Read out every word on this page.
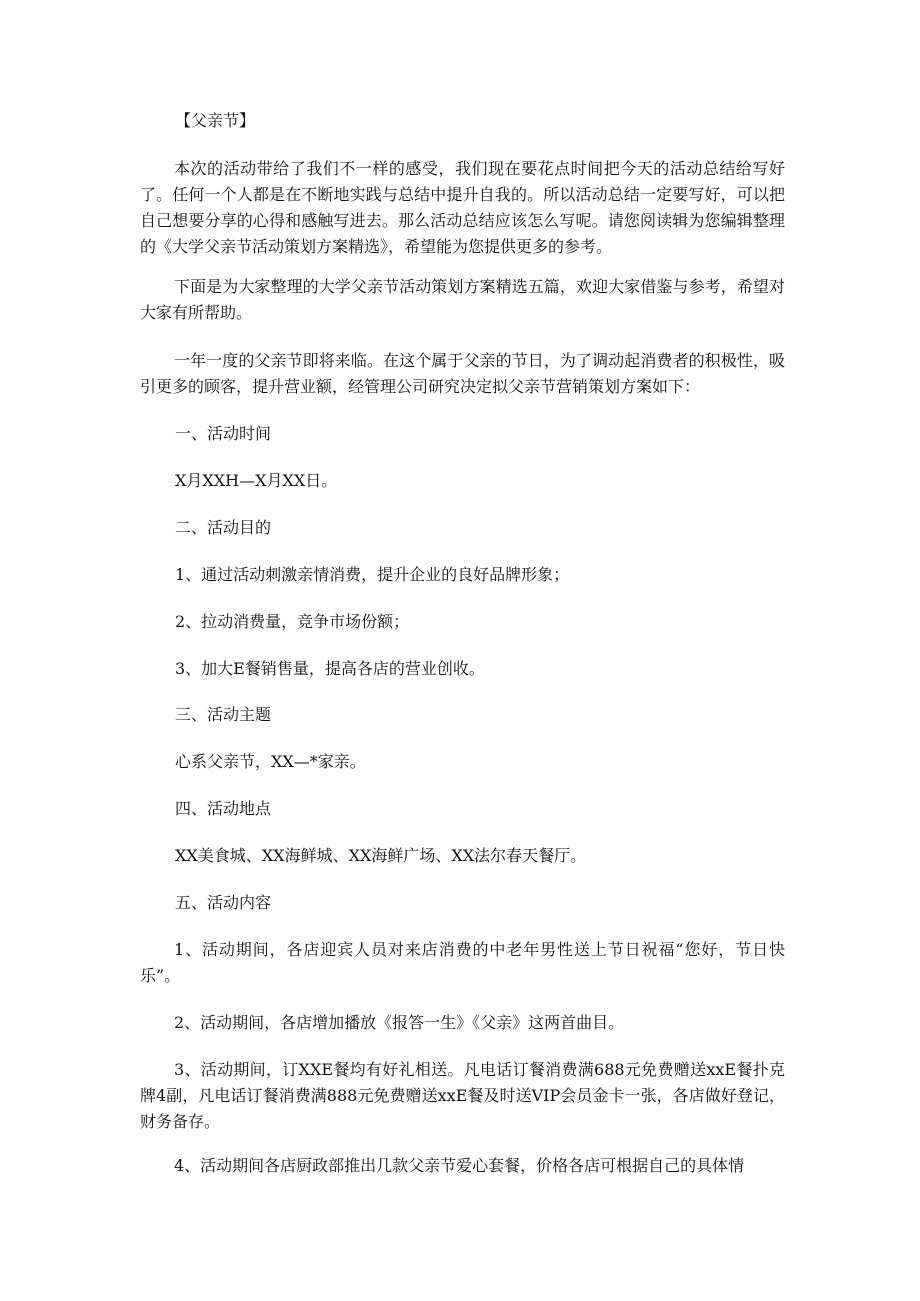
【父亲节】

本次的活动带给了我们不一样的感受，我们现在要花点时间把今天的活动总结给写好了。任何一个人都是在不断地实践与总结中提升自我的。所以活动总结一定要写好，可以把自己想要分享的心得和感触写进去。那么活动总结应该怎么写呢。请您阅读辑为您编辑整理的《大学父亲节活动策划方案精选》，希望能为您提供更多的参考。

下面是为大家整理的大学父亲节活动策划方案精选五篇，欢迎大家借鉴与参考，希望对大家有所帮助。

一年一度的父亲节即将来临。在这个属于父亲的节日，为了调动起消费者的积极性，吸引更多的顾客，提升营业额，经管理公司研究决定拟父亲节营销策划方案如下：

一、活动时间

X月XXH—X月XX日。

二、活动目的

1、通过活动刺激亲情消费，提升企业的良好品牌形象；

2、拉动消费量，竞争市场份额；

3、加大E餐销售量，提高各店的营业创收。

三、活动主题

心系父亲节，XX—*家亲。

四、活动地点

XX美食城、XX海鲜城、XX海鲜广场、XX法尔春天餐厅。

五、活动内容

1、活动期间，各店迎宾人员对来店消费的中老年男性送上节日祝福“您好，节日快乐”。

2、活动期间，各店增加播放《报答一生》《父亲》这两首曲目。

3、活动期间，订XXE餐均有好礼相送。凡电话订餐消费满688元免费赠送xxE餐扑克牌4副，凡电话订餐消费满888元免费赠送xxE餐及时送VIP会员金卡一张，各店做好登记，财务备存。

4、活动期间各店厨政部推出几款父亲节爱心套餐，价格各店可根据自己的具体情
